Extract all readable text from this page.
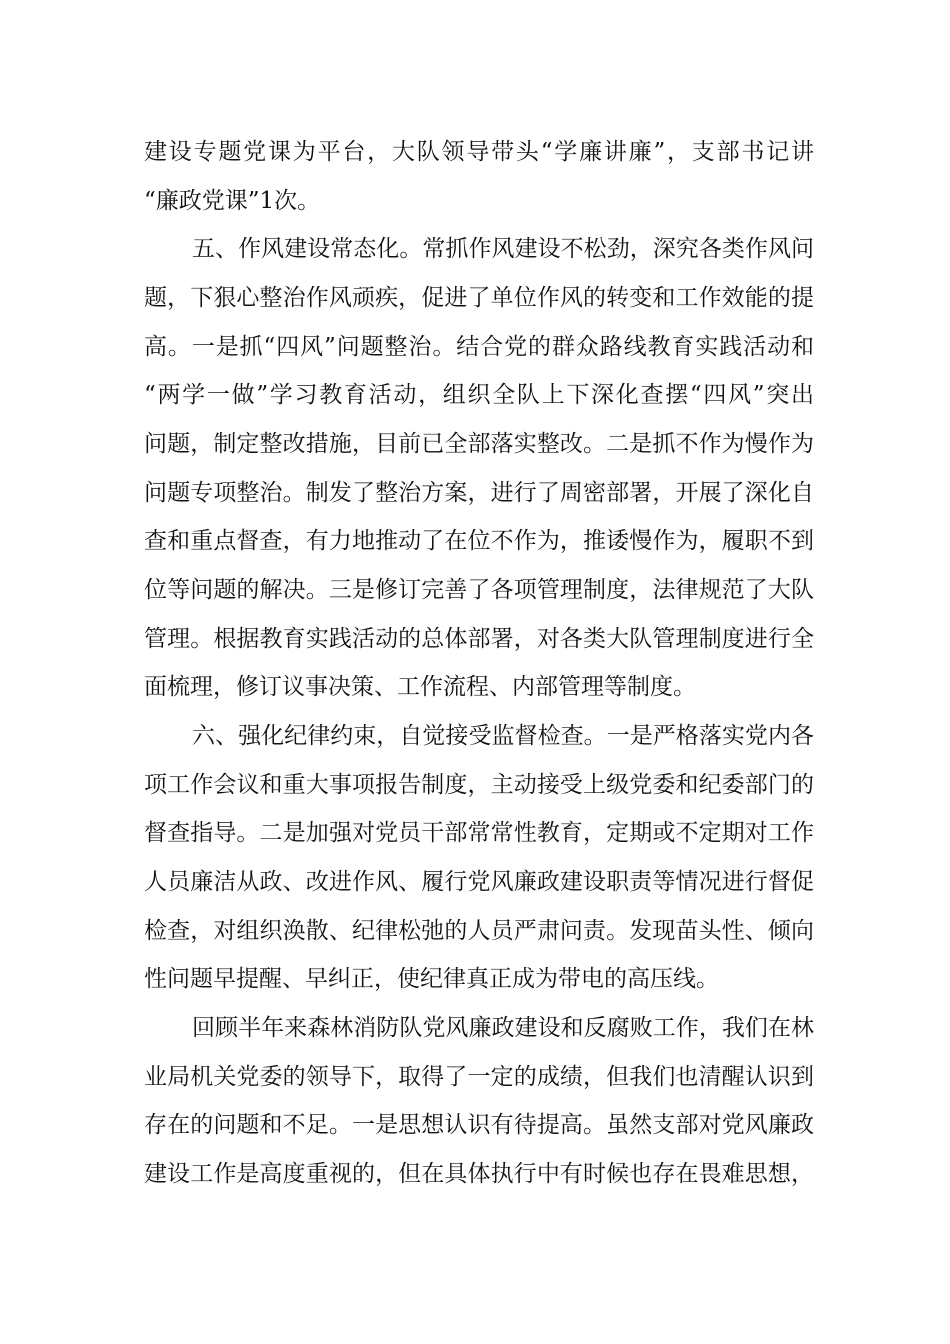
建设专题党课为平台，大队领导带头“学廉讲廉”，支部书记讲
“廉政党课”1次。
五、作风建设常态化。常抓作风建设不松劲，深究各类作风问
题，下狠心整治作风顽疾，促进了单位作风的转变和工作效能的提
高。一是抓“四风”问题整治。结合党的群众路线教育实践活动和
“两学一做”学习教育活动，组织全队上下深化查摆“四风”突出
问题，制定整改措施，目前已全部落实整改。二是抓不作为慢作为
问题专项整治。制发了整治方案，进行了周密部署，开展了深化自
查和重点督查，有力地推动了在位不作为，推诿慢作为，履职不到
位等问题的解决。三是修订完善了各项管理制度，法律规范了大队
管理。根据教育实践活动的总体部署，对各类大队管理制度进行全
面梳理，修订议事决策、工作流程、内部管理等制度。
六、强化纪律约束，自觉接受监督检查。一是严格落实党内各
项工作会议和重大事项报告制度，主动接受上级党委和纪委部门的
督查指导。二是加强对党员干部常常性教育，定期或不定期对工作
人员廉洁从政、改进作风、履行党风廉政建设职责等情况进行督促
检查，对组织涣散、纪律松弛的人员严肃问责。发现苗头性、倾向
性问题早提醒、早纠正，使纪律真正成为带电的高压线。
回顾半年来森林消防队党风廉政建设和反腐败工作，我们在林
业局机关党委的领导下，取得了一定的成绩，但我们也清醒认识到
存在的问题和不足。一是思想认识有待提高。虽然支部对党风廉政
建设工作是高度重视的，但在具体执行中有时候也存在畏难思想，
